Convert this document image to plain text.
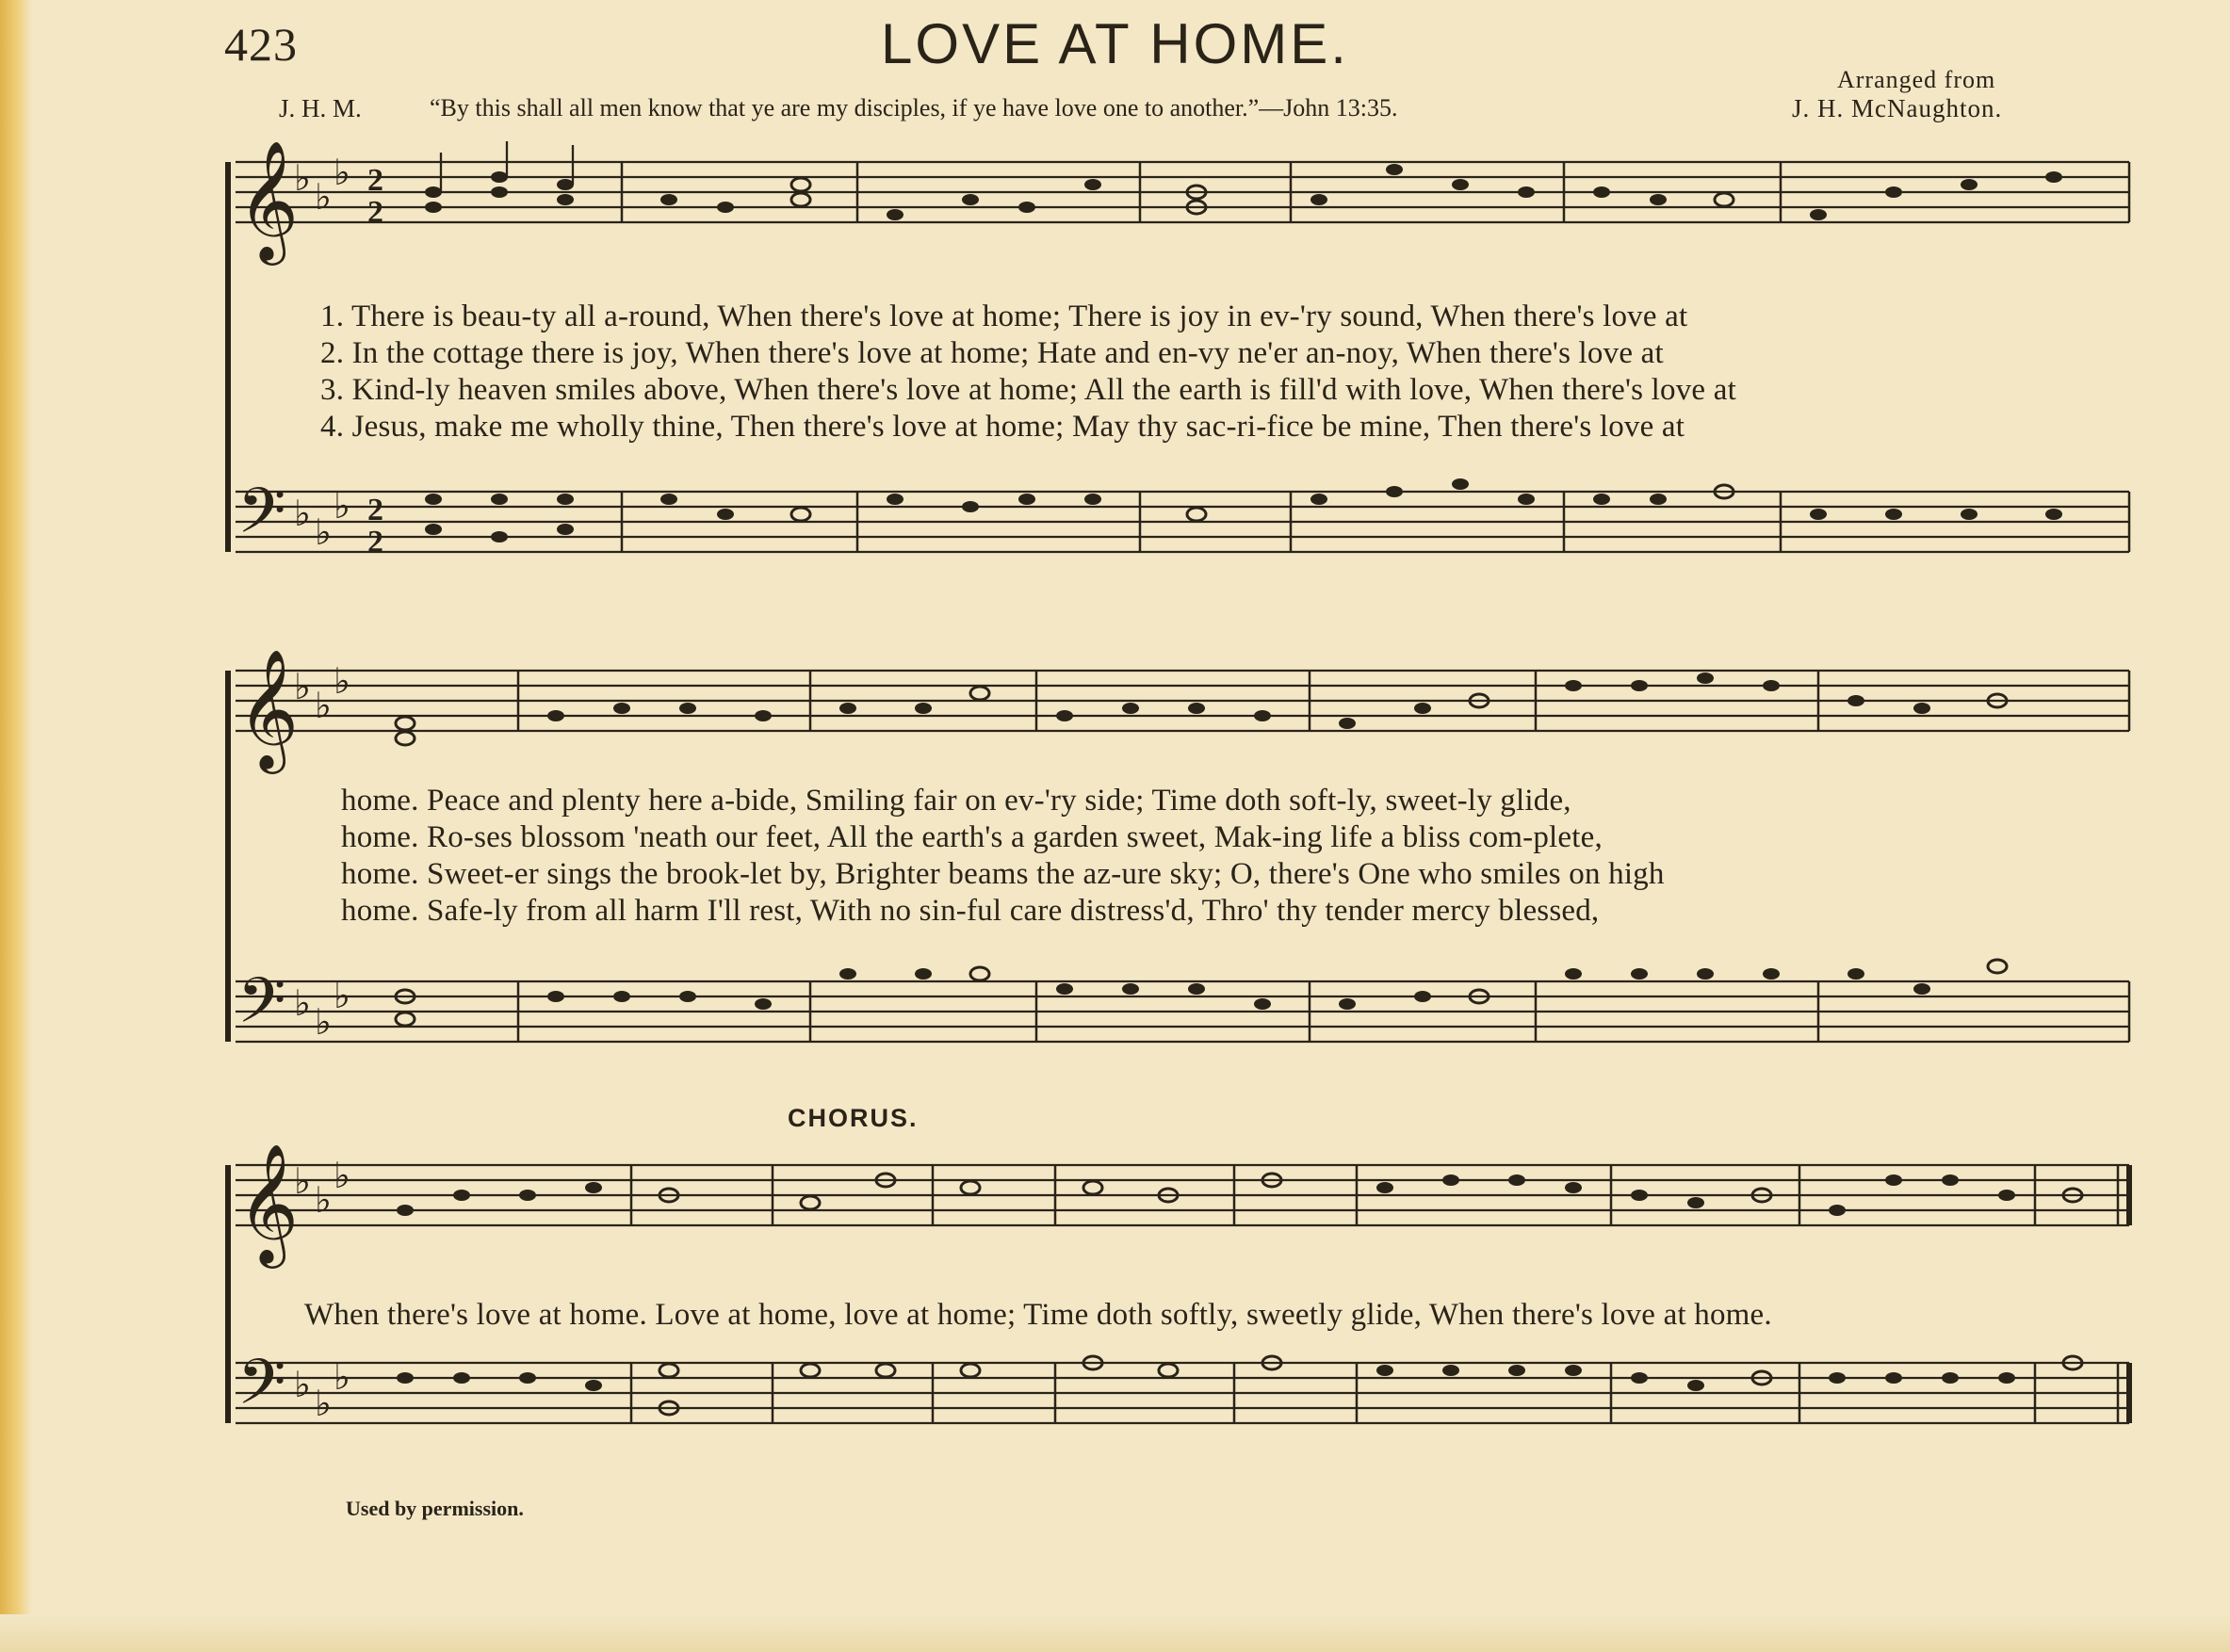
423	LOVE AT HOME.
Arranged from
J. H. M.	“By this shall all men know that ye are my disciples, if ye have love one to another.”—John 13:35.	J. H. McNaughton.
𝄞
♭ ♭
♭ 2
2
𝄢 ♭ ♭
♭ 2
2
1. There is beau-ty all a-round, When there's love at home; There is joy in ev-'ry sound, When there's love at
2. In the cottage there is joy, When there's love at home; Hate and en-vy ne'er an-noy, When there's love at
3. Kind-ly heaven smiles above, When there's love at home; All the earth is fill'd with love, When there's love at
4. Jesus, make me wholly thine, Then there's love at home; May thy sac-ri-fice be mine, Then there's love at
𝄞
♭ ♭
♭
𝄢 ♭ ♭
♭
home. Peace and plenty here a-bide, Smiling fair on ev-'ry side; Time doth soft-ly, sweet-ly glide,
home. Ro-ses blossom 'neath our feet, All the earth's a garden sweet, Mak-ing life a bliss com-plete,
home. Sweet-er sings the brook-let by, Brighter beams the az-ure sky; O, there's One who smiles on high
home. Safe-ly from all harm I'll rest, With no sin-ful care distress'd, Thro' thy tender mercy blessed,
CHORUS.
𝄞
♭ ♭
♭
𝄢 ♭ ♭
♭
When there's love at home. Love at home, love at home; Time doth softly, sweetly glide, When there's love at home.
Used by permission.
